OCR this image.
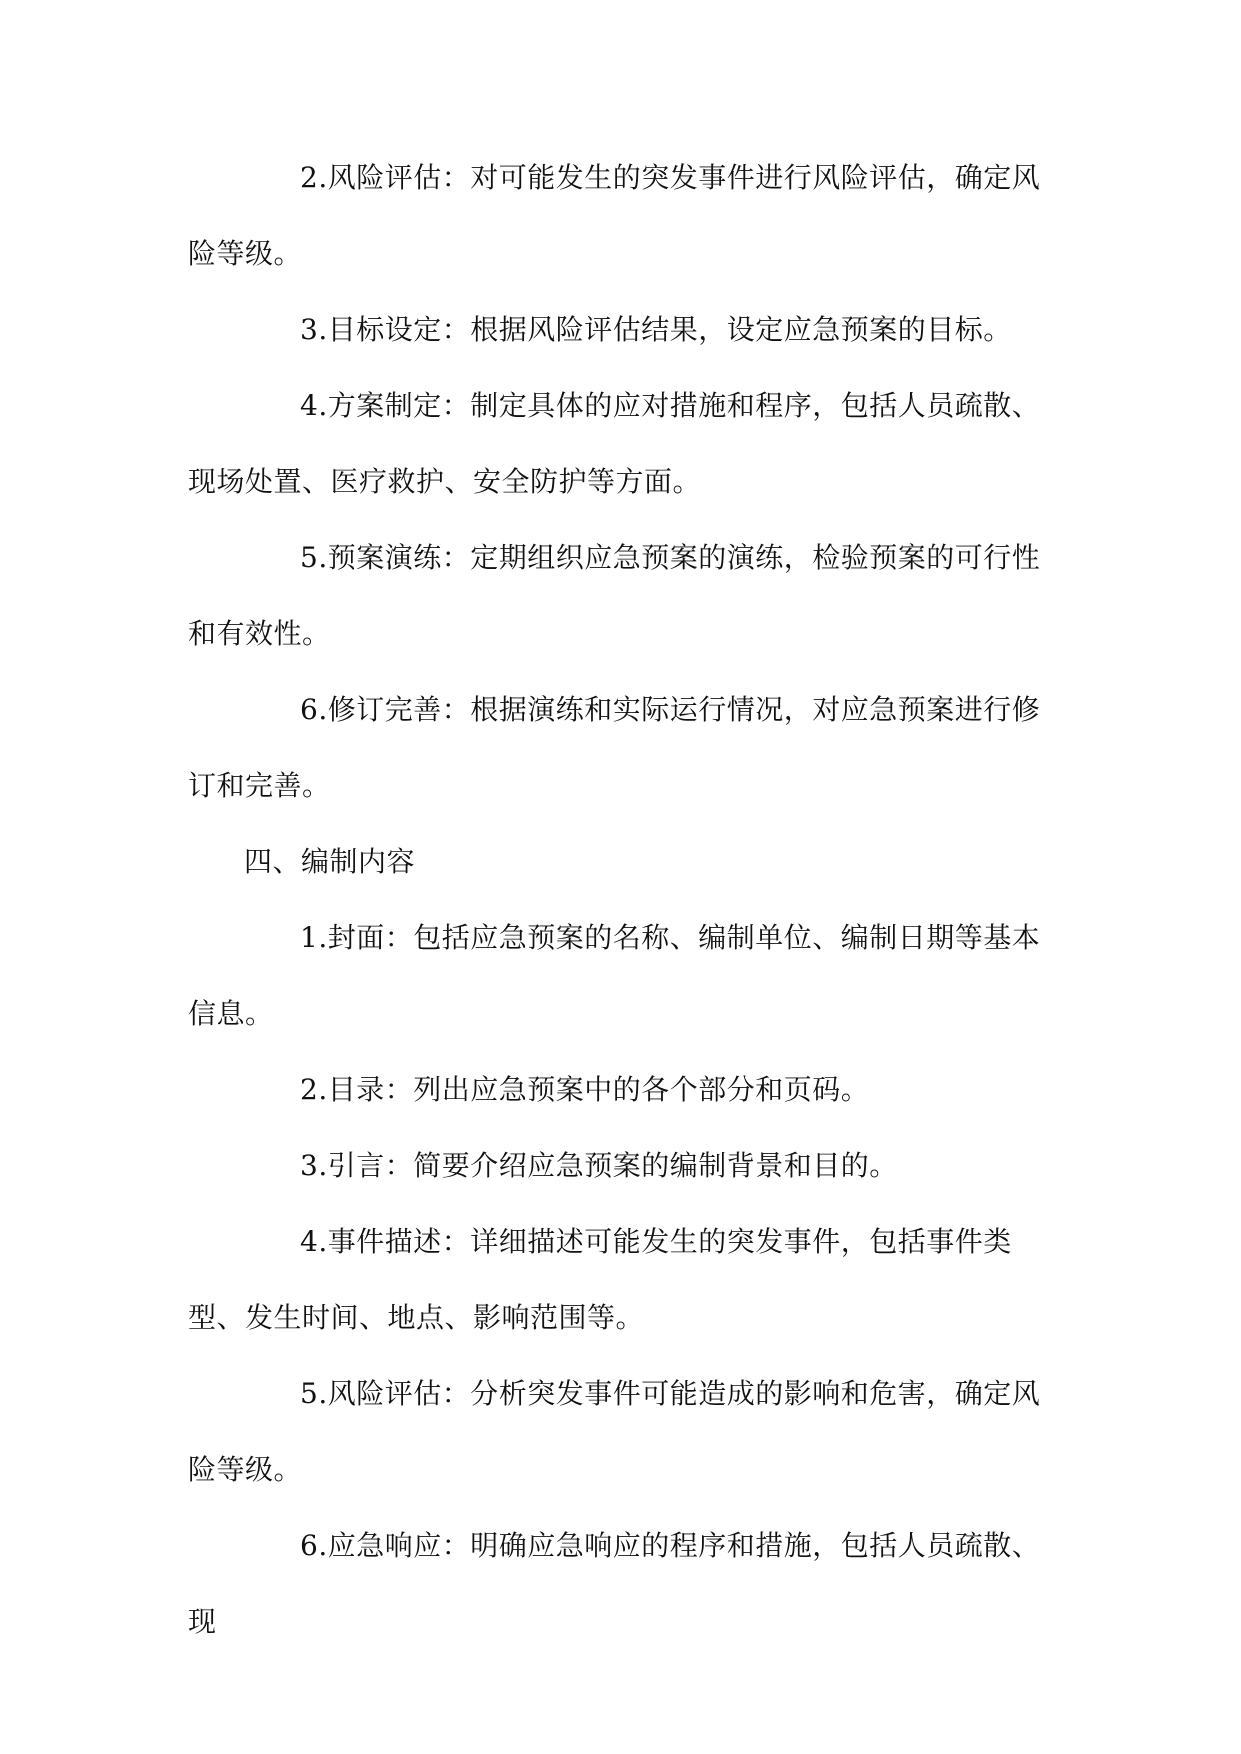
2.风险评估：对可能发生的突发事件进行风险评估，确定风险等级。

3.目标设定：根据风险评估结果，设定应急预案的目标。

4.方案制定：制定具体的应对措施和程序，包括人员疏散、现场处置、医疗救护、安全防护等方面。

5.预案演练：定期组织应急预案的演练，检验预案的可行性和有效性。

6.修订完善：根据演练和实际运行情况，对应急预案进行修订和完善。

四、编制内容

1.封面：包括应急预案的名称、编制单位、编制日期等基本信息。

2.目录：列出应急预案中的各个部分和页码。

3.引言：简要介绍应急预案的编制背景和目的。

4.事件描述：详细描述可能发生的突发事件，包括事件类型、发生时间、地点、影响范围等。

5.风险评估：分析突发事件可能造成的影响和危害，确定风险等级。

6.应急响应：明确应急响应的程序和措施，包括人员疏散、现
